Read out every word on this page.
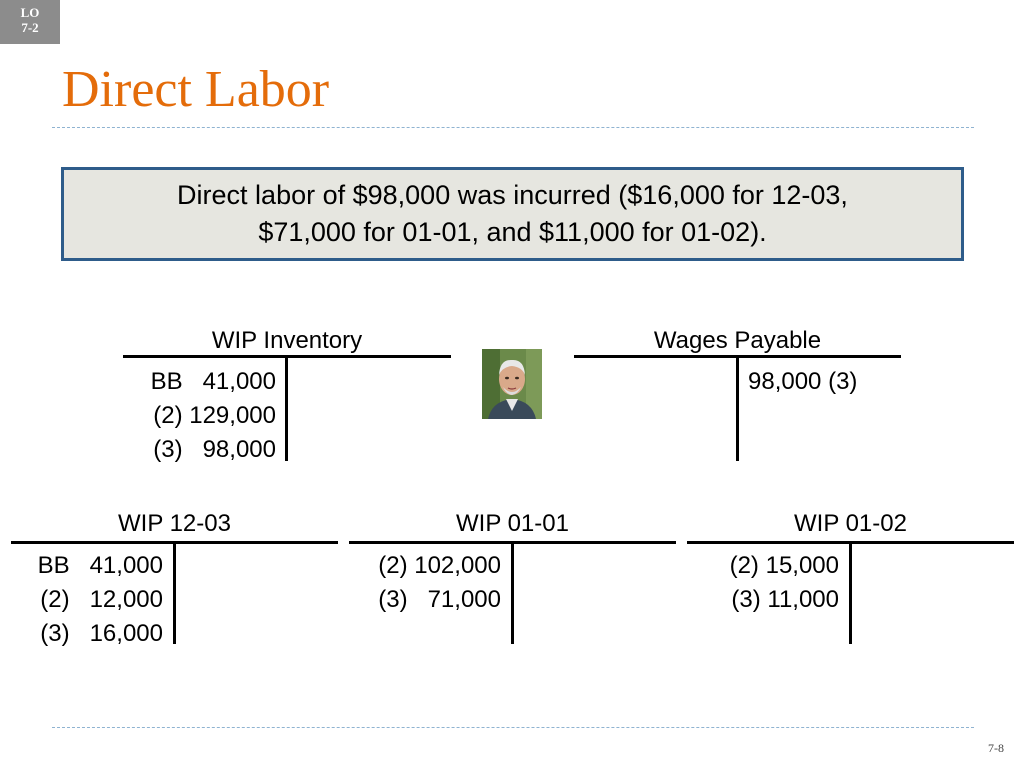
LO
7-2
Direct Labor
Direct labor of $98,000 was incurred ($16,000 for 12-03,
$71,000 for 01-01, and $11,000 for 01-02).
WIP Inventory
BB   41,000
(2) 129,000
(3)   98,000
Wages Payable
98,000 (3)
WIP 12-03
BB   41,000
(2)   12,000
(3)   16,000
WIP 01-01
(2) 102,000
(3)   71,000
WIP 01-02
(2) 15,000
(3) 11,000
7-8
